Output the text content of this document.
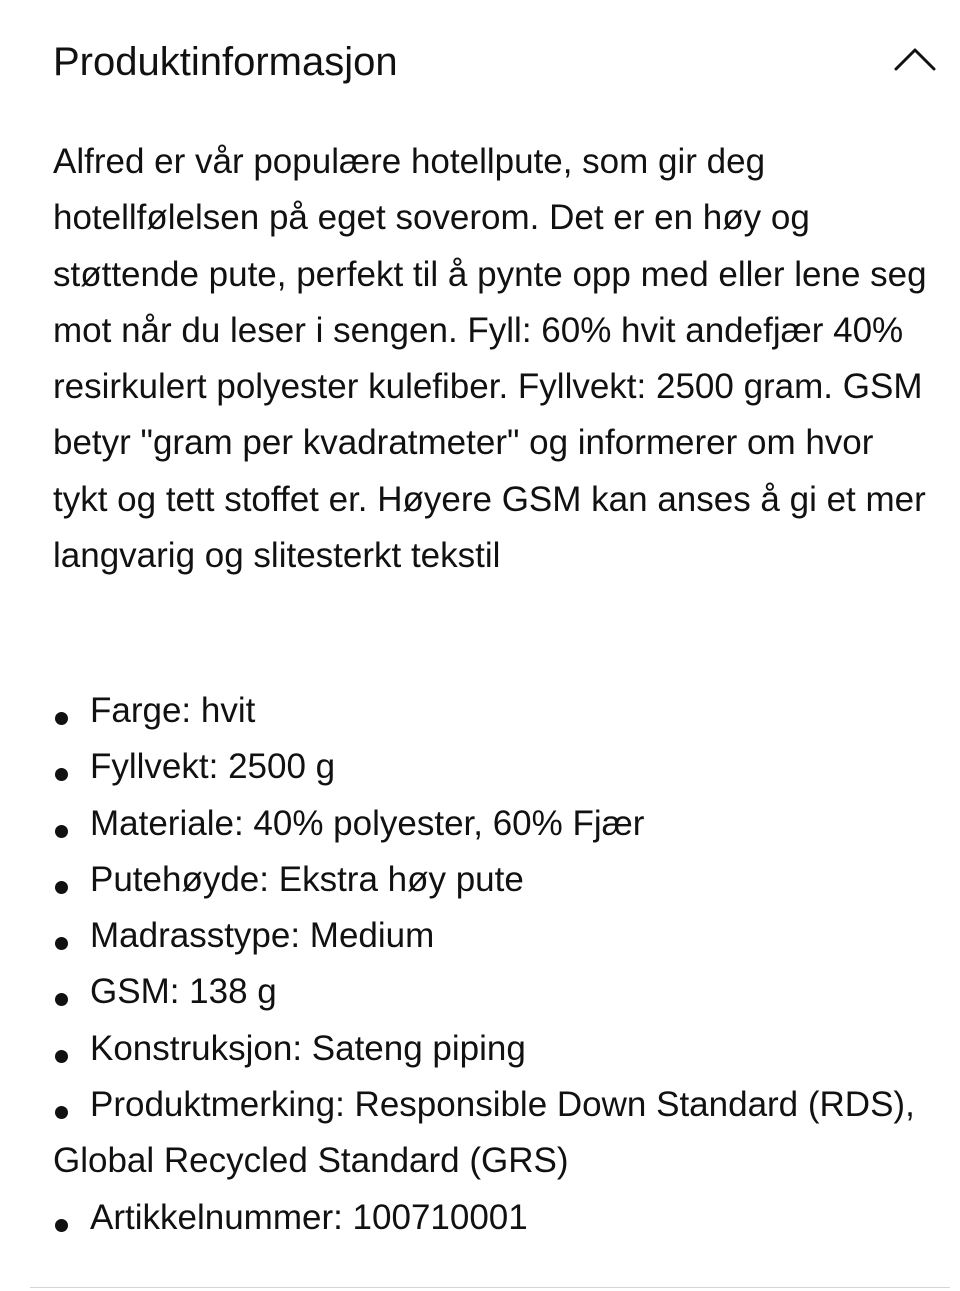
Produktinformasjon

Alfred er vår populære hotellpute, som gir deg hotellfølelsen på eget soverom. Det er en høy og støttende pute, perfekt til å pynte opp med eller lene seg mot når du leser i sengen. Fyll: 60% hvit andefjær 40% resirkulert polyester kulefiber. Fyllvekt: 2500 gram. GSM betyr "gram per kvadratmeter" og informerer om hvor tykt og tett stoffet er. Høyere GSM kan anses å gi et mer langvarig og slitesterkt tekstil

Farge: hvit
Fyllvekt: 2500 g
Materiale: 40% polyester, 60% Fjær
Putehøyde: Ekstra høy pute
Madrasstype: Medium
GSM: 138 g
Konstruksjon: Sateng piping
Produktmerking: Responsible Down Standard (RDS), Global Recycled Standard (GRS)
Artikkelnummer: 100710001
